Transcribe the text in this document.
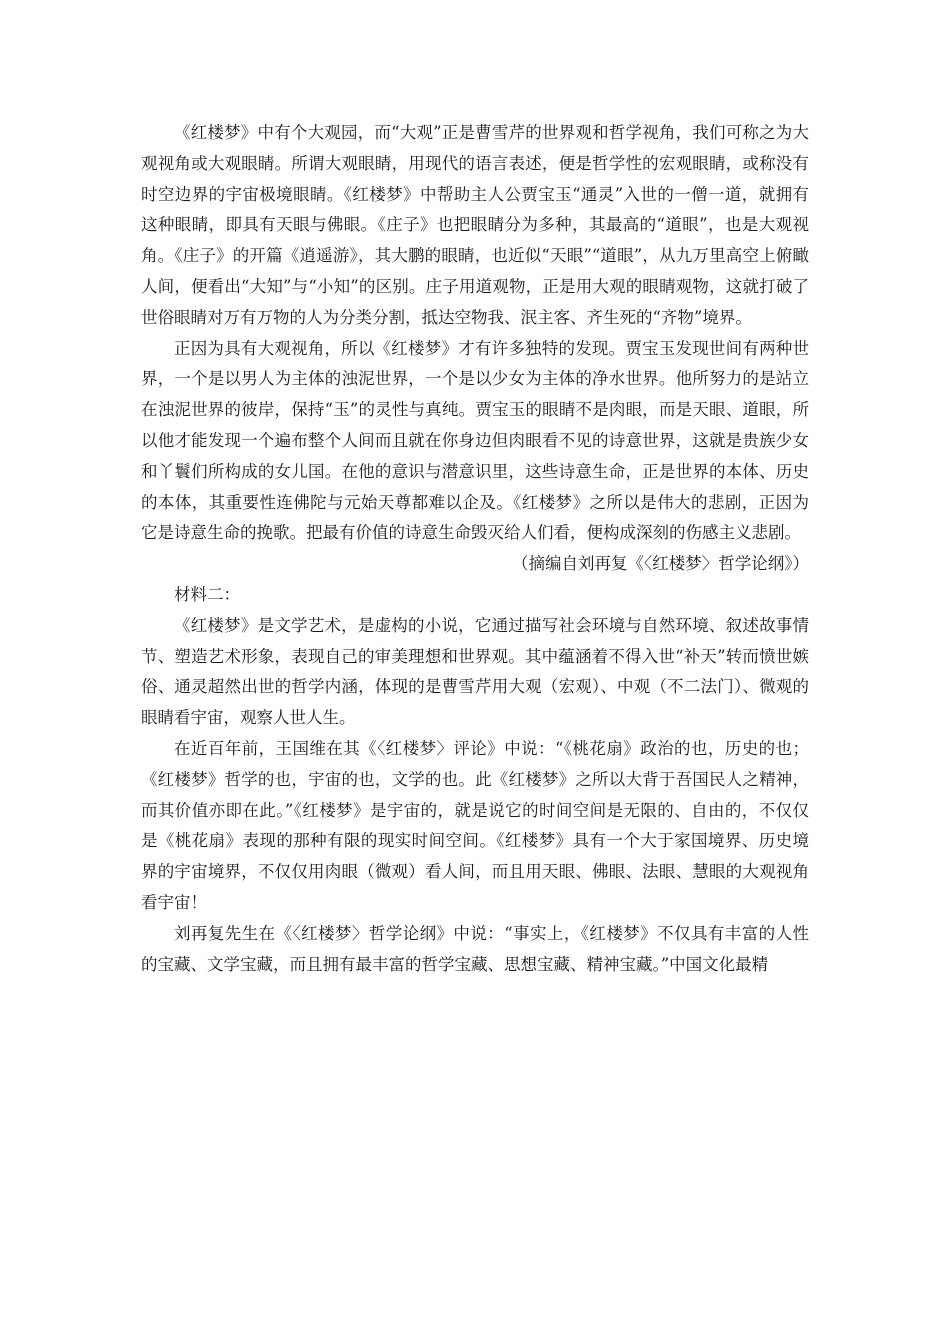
《红楼梦》中有个大观园，而“大观”正是曹雪芹的世界观和哲学视角，我们可称之为大观视角或大观眼睛。所谓大观眼睛，用现代的语言表述，便是哲学性的宏观眼睛，或称没有时空边界的宇宙极境眼睛。《红楼梦》中帮助主人公贾宝玉“通灵”入世的一僧一道，就拥有这种眼睛，即具有天眼与佛眼。《庄子》也把眼睛分为多种，其最高的“道眼”，也是大观视角。《庄子》的开篇《逍遥游》，其大鹏的眼睛，也近似“天眼”“道眼”，从九万里高空上俯瞰人间，便看出“大知”与“小知”的区别。庄子用道观物，正是用大观的眼睛观物，这就打破了世俗眼睛对万有万物的人为分类分割，抵达空物我、泯主客、齐生死的“齐物”境界。

正因为具有大观视角，所以《红楼梦》才有许多独特的发现。贾宝玉发现世间有两种世界，一个是以男人为主体的浊泥世界，一个是以少女为主体的净水世界。他所努力的是站立在浊泥世界的彼岸，保持“玉”的灵性与真纯。贾宝玉的眼睛不是肉眼，而是天眼、道眼，所以他才能发现一个遍布整个人间而且就在你身边但肉眼看不见的诗意世界，这就是贵族少女和丫鬟们所构成的女儿国。在他的意识与潜意识里，这些诗意生命，正是世界的本体、历史的本体，其重要性连佛陀与元始天尊都难以企及。《红楼梦》之所以是伟大的悲剧，正因为它是诗意生命的挽歌。把最有价值的诗意生命毁灭给人们看，便构成深刻的伤感主义悲剧。

（摘编自刘再复《〈红楼梦〉哲学论纲》）

材料二：

《红楼梦》是文学艺术，是虚构的小说，它通过描写社会环境与自然环境、叙述故事情节、塑造艺术形象，表现自己的审美理想和世界观。其中蕴涵着不得入世“补天”转而愤世嫉俗、通灵超然出世的哲学内涵，体现的是曹雪芹用大观（宏观）、中观（不二法门）、微观的眼睛看宇宙，观察人世人生。

在近百年前，王国维在其《〈红楼梦〉评论》中说：“《桃花扇》政治的也，历史的也；《红楼梦》哲学的也，宇宙的也，文学的也。此《红楼梦》之所以大背于吾国民人之精神，而其价值亦即在此。”《红楼梦》是宇宙的，就是说它的时间空间是无限的、自由的，不仅仅是《桃花扇》表现的那种有限的现实时间空间。《红楼梦》具有一个大于家国境界、历史境界的宇宙境界，不仅仅用肉眼（微观）看人间，而且用天眼、佛眼、法眼、慧眼的大观视角看宇宙！

刘再复先生在《〈红楼梦〉哲学论纲》中说：“事实上，《红楼梦》不仅具有丰富的人性的宝藏、文学宝藏，而且拥有最丰富的哲学宝藏、思想宝藏、精神宝藏。”中国文化最精
